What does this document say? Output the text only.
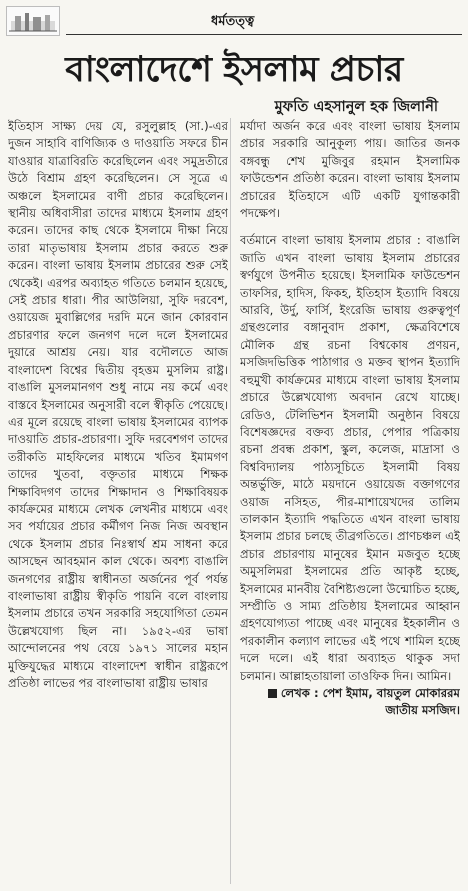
ধর্মতত্ত্ব
বাংলাদেশে ইসলাম প্রচার
মুফতি এহসানুল হক জিলানী

ইতিহাস সাক্ষ্য দেয় যে, রসুলুল্লাহ (সা.)-এর দুজন সাহাবি বাণিজ্যিক ও দাওয়াতি সফরে চীন যাওয়ার যাত্রাবিরতি করেছিলেন এবং সমুদ্রতীরে উঠে বিশ্রাম গ্রহণ করেছিলেন। সে সূত্রে এ অঞ্চলে ইসলামের বাণী প্রচার করেছিলেন। স্থানীয় অধিবাসীরা তাদের মাধ্যমে ইসলাম গ্রহণ করেন। তাদের কাছ থেকে ইসলামে দীক্ষা নিয়ে তারা মাতৃভাষায় ইসলাম প্রচার করতে শুরু করেন। বাংলা ভাষায় ইসলাম প্রচারের শুরু সেই থেকেই। এরপর অব্যাহত গতিতে চলমান হয়েছে, সেই প্রচার ধারা। পীর আউলিয়া, সুফি দরবেশ, ওয়ায়েজ মুবাল্লিগের দরদি মনে জান কোরবান প্রচারণার ফলে জনগণ দলে দলে ইসলামের দুয়ারে আশ্রয় নেয়। যার বদৌলতে আজ বাংলাদেশ বিশ্বের দ্বিতীয় বৃহত্তম মুসলিম রাষ্ট্র। বাঙালি মুসলমানগণ শুধু নামে নয় কর্মে এবং বাস্তবে ইসলামের অনুসারী বলে স্বীকৃতি পেয়েছে। এর মূলে রয়েছে বাংলা ভাষায় ইসলামের ব্যাপক দাওয়াতি প্রচার-প্রচারণা। সুফি দরবেশগণ তাদের তরীকতি মাহফিলের মাধ্যমে খতিব ইমামগণ তাদের খুতবা, বক্তৃতার মাধ্যমে শিক্ষক শিক্ষাবিদগণ তাদের শিক্ষাদান ও শিক্ষাবিষয়ক কার্যক্রমের মাধ্যমে লেখক লেখনীর মাধ্যমে এবং সব পর্যায়ের প্রচার কর্মীগণ নিজ নিজ অবস্থান থেকে ইসলাম প্রচার নিঃস্বার্থ শ্রম সাধনা করে আসছেন আবহমান কাল থেকে। অবশ্য বাঙালি জনগণের রাষ্ট্রীয় স্বাধীনতা অর্জনের পূর্ব পর্যন্ত বাংলাভাষা রাষ্ট্রীয় স্বীকৃতি পায়নি বলে বাংলায় ইসলাম প্রচারে তখন সরকারি সহযোগিতা তেমন উল্লেখযোগ্য ছিল না। ১৯৫২-এর ভাষা আন্দোলনের পথ বেয়ে ১৯৭১ সালের মহান মুক্তিযুদ্ধের মাধ্যমে বাংলাদেশ স্বাধীন রাষ্ট্ররূপে প্রতিষ্ঠা লাভের পর বাংলাভাষা রাষ্ট্রীয় ভাষার

মর্যাদা অর্জন করে এবং বাংলা ভাষায় ইসলাম প্রচার সরকারি আনুকূল্য পায়। জাতির জনক বঙ্গবন্ধু শেখ মুজিবুর রহমান ইসলামিক ফাউন্ডেশন প্রতিষ্ঠা করেন। বাংলা ভাষায় ইসলাম প্রচারের ইতিহাসে এটি একটি যুগান্তকারী পদক্ষেপ।

বর্তমানে বাংলা ভাষায় ইসলাম প্রচার : বাঙালি জাতি এখন বাংলা ভাষায় ইসলাম প্রচারের স্বর্ণযুগে উপনীত হয়েছে। ইসলামিক ফাউন্ডেশন তাফসির, হাদিস, ফিকহ, ইতিহাস ইত্যাদি বিষয়ে আরবি, উর্দু, ফার্সি, ইংরেজি ভাষায় গুরুত্বপূর্ণ গ্রন্থগুলোর বঙ্গানুবাদ প্রকাশ, ক্ষেত্রবিশেষে মৌলিক গ্রন্থ রচনা বিশ্বকোষ প্রণয়ন, মসজিদভিত্তিক পাঠাগার ও মক্তব স্থাপন ইত্যাদি বহুমুখী কার্যক্রমের মাধ্যমে বাংলা ভাষায় ইসলাম প্রচারে উল্লেখযোগ্য অবদান রেখে যাচ্ছে। রেডিও, টেলিভিশন ইসলামী অনুষ্ঠান বিষয়ে বিশেষজ্ঞদের বক্তব্য প্রচার, পেপার পত্রিকায় রচনা প্রবন্ধ প্রকাশ, স্কুল, কলেজ, মাদ্রাসা ও বিশ্ববিদ্যালয় পাঠ্যসূচিতে ইসলামী বিষয় অন্তর্ভুক্তি, মাঠে ময়দানে ওয়ায়েজ বক্তাগণের ওয়াজ নসিহত, পীর-মাশায়েখদের তালিম তালকান ইত্যাদি পদ্ধতিতে এখন বাংলা ভাষায় ইসলাম প্রচার চলছে তীব্রগতিতে। প্রাণচঞ্চল এই প্রচার প্রচারণায় মানুষের ইমান মজবুত হচ্ছে অমুসলিমরা ইসলামের প্রতি আকৃষ্ট হচ্ছে, ইসলামের মানবীয় বৈশিষ্ট্যগুলো উন্মোচিত হচ্ছে, সম্প্রীতি ও সাম্য প্রতিষ্ঠায় ইসলামের আহ্বান গ্রহণযোগ্যতা পাচ্ছে এবং মানুষের ইহকালীন ও পরকালীন কল্যাণ লাভের এই পথে শামিল হচ্ছে দলে দলে। এই ধারা অব্যাহত থাকুক সদা চলমান। আল্লাহতায়ালা তাওফিক দিন। আমিন।

লেখক : পেশ ইমাম, বায়তুল মোকাররম জাতীয় মসজিদ।
